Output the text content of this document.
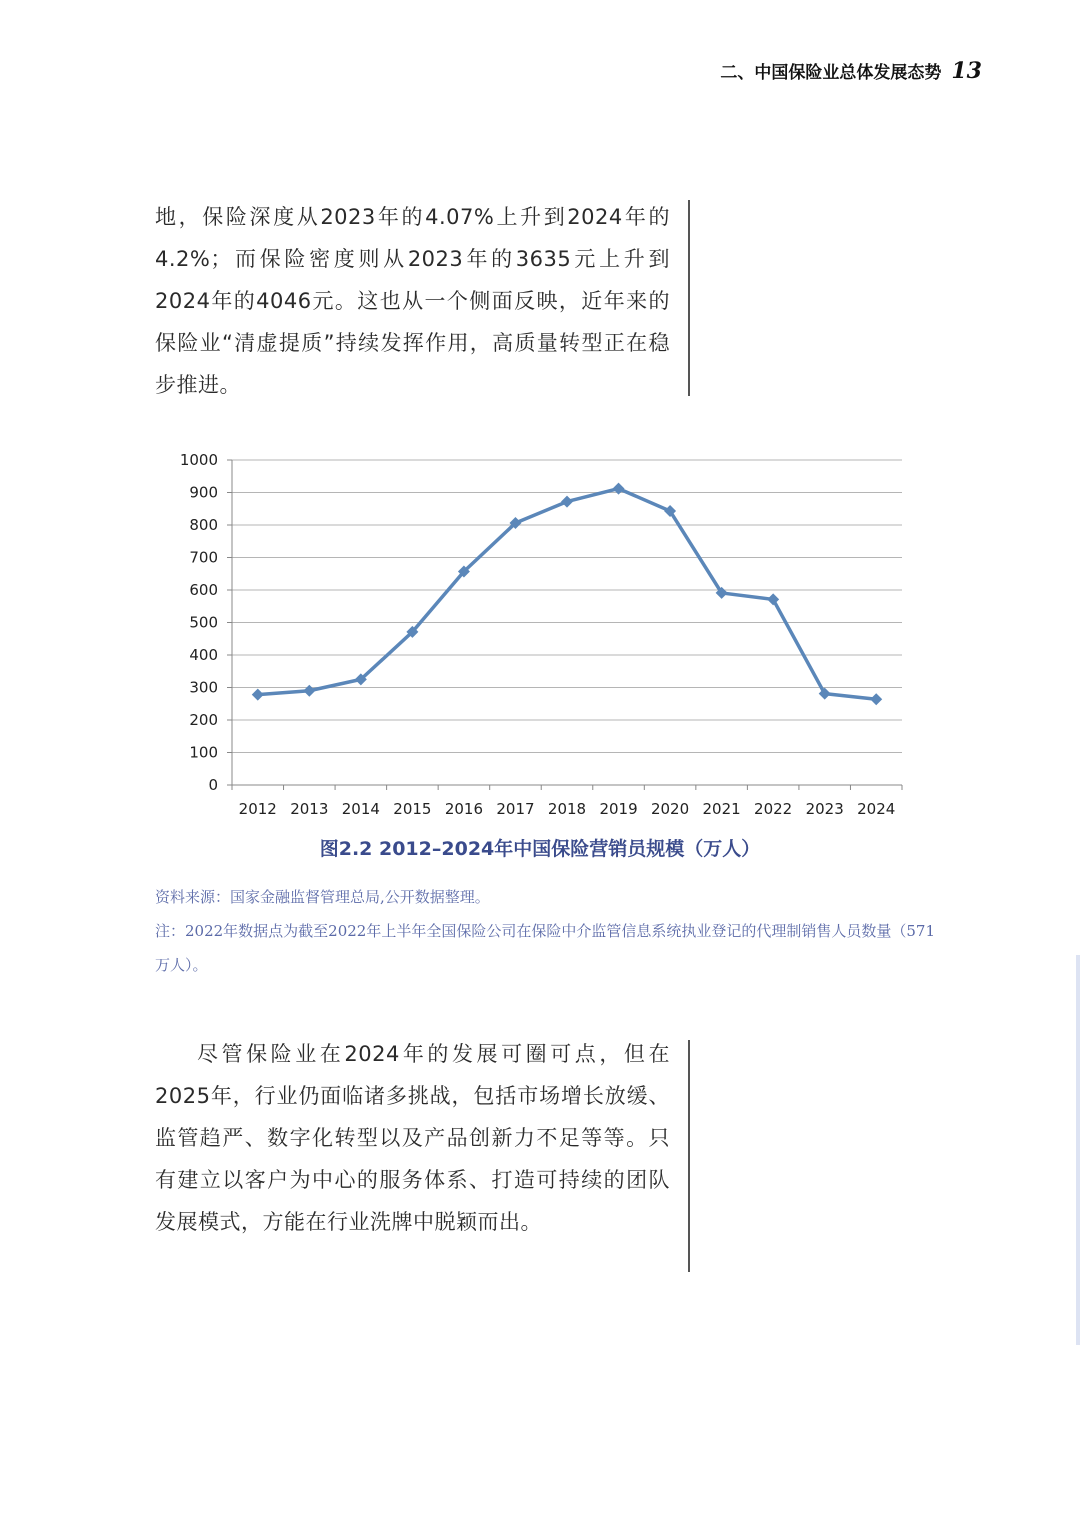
二、中国保险业总体发展态势 13

地，保险深度从2023年的4.07%上升到2024年的4.2%；而保险密度则从2023年的3635元上升到2024年的4046元。这也从一个侧面反映，近年来的保险业“清虚提质”持续发挥作用，高质量转型正在稳步推进。

0
100
200
300
400
500
600
700
800
900
1000
2012 2013 2014 2015 2016 2017 2018 2019 2020 2021 2022 2023 2024
图2.2 2012–2024年中国保险营销员规模（万人）

资料来源：国家金融监督管理总局,公开数据整理。

注：2022年数据点为截至2022年上半年全国保险公司在保险中介监管信息系统执业登记的代理制销售人员数量（571万人）。

尽管保险业在2024年的发展可圈可点，但在2025年，行业仍面临诸多挑战，包括市场增长放缓、监管趋严、数字化转型以及产品创新力不足等等。只有建立以客户为中心的服务体系、打造可持续的团队发展模式，方能在行业洗牌中脱颖而出。
